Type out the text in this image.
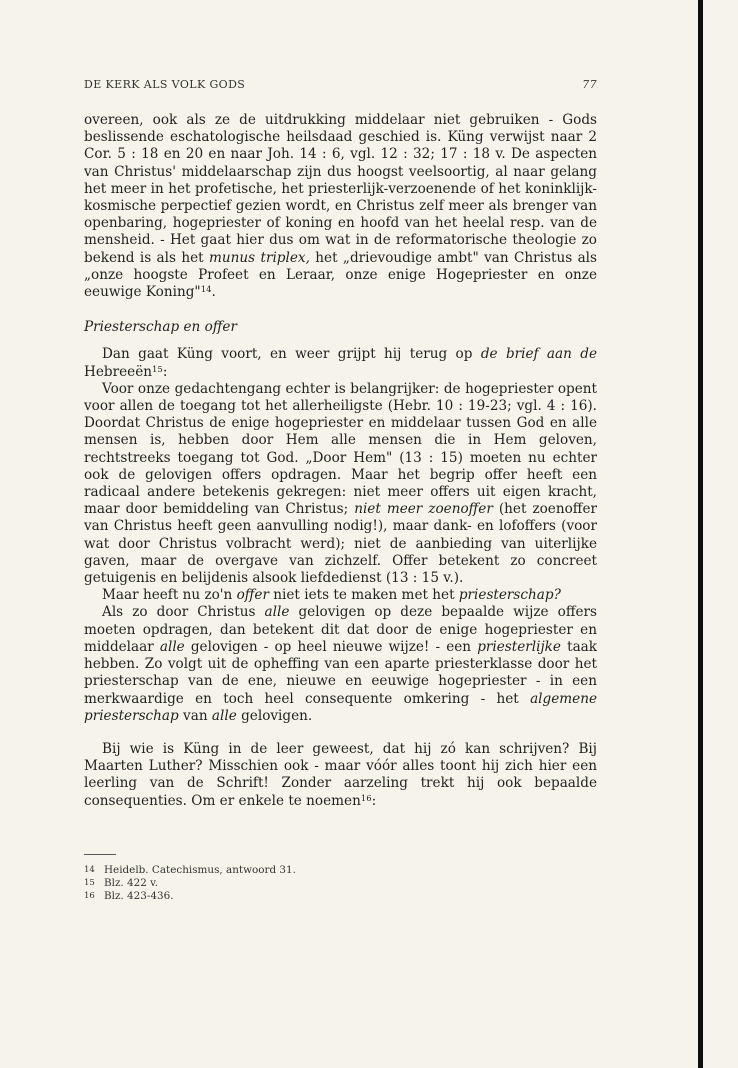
DE KERK ALS VOLK GODS	77

overeen, ook als ze de uitdrukking middelaar niet gebruiken - Gods beslissende eschatologische heilsdaad geschied is. Küng verwijst naar 2 Cor. 5 : 18 en 20 en naar Joh. 14 : 6, vgl. 12 : 32; 17 : 18 v. De aspecten van Christus' middelaarschap zijn dus hoogst veelsoortig, al naar gelang het meer in het profetische, het priesterlijk-verzoenende of het koninklijk-kosmische perpectief gezien wordt, en Christus zelf meer als brenger van openbaring, hogepriester of koning en hoofd van het heelal resp. van de mensheid. - Het gaat hier dus om wat in de reformatorische theologie zo bekend is als het munus triplex, het „drievoudige ambt" van Christus als „onze hoogste Profeet en Leraar, onze enige Hogepriester en onze eeuwige Koning"$^{14}$.

Priesterschap en offer

Dan gaat Küng voort, en weer grijpt hij terug op de brief aan de Hebreeën$^{15}$:

Voor onze gedachtengang echter is belangrijker: de hogepriester opent voor allen de toegang tot het allerheiligste (Hebr. 10 : 19-23; vgl. 4 : 16). Doordat Christus de enige hogepriester en middelaar tussen God en alle mensen is, hebben door Hem alle mensen die in Hem geloven, rechtstreeks toegang tot God. „Door Hem" (13 : 15) moeten nu echter ook de gelovigen offers opdragen. Maar het begrip offer heeft een radicaal andere betekenis gekregen: niet meer offers uit eigen kracht, maar door bemiddeling van Christus; niet meer zoenoffer (het zoenoffer van Christus heeft geen aanvulling nodig!), maar dank- en lofoffers (voor wat door Christus volbracht werd); niet de aanbieding van uiterlijke gaven, maar de overgave van zichzelf. Offer betekent zo concreet getuigenis en belijdenis alsook liefdedienst (13 : 15 v.).

Maar heeft nu zo'n offer niet iets te maken met het priesterschap?

Als zo door Christus alle gelovigen op deze bepaalde wijze offers moeten opdragen, dan betekent dit dat door de enige hogepriester en middelaar alle gelovigen - op heel nieuwe wijze! - een priesterlijke taak hebben. Zo volgt uit de opheffing van een aparte priesterklasse door het priesterschap van de ene, nieuwe en eeuwige hogepriester - in een merkwaardige en toch heel consequente omkering - het algemene priesterschap van alle gelovigen.

Bij wie is Küng in de leer geweest, dat hij zó kan schrijven? Bij Maarten Luther? Misschien ook - maar vóór alles toont hij zich hier een leerling van de Schrift! Zonder aarzeling trekt hij ook bepaalde consequenties. Om er enkele te noemen$^{16}$:

14 Heidelb. Catechismus, antwoord 31.
15 Blz. 422 v.
16 Blz. 423-436.
